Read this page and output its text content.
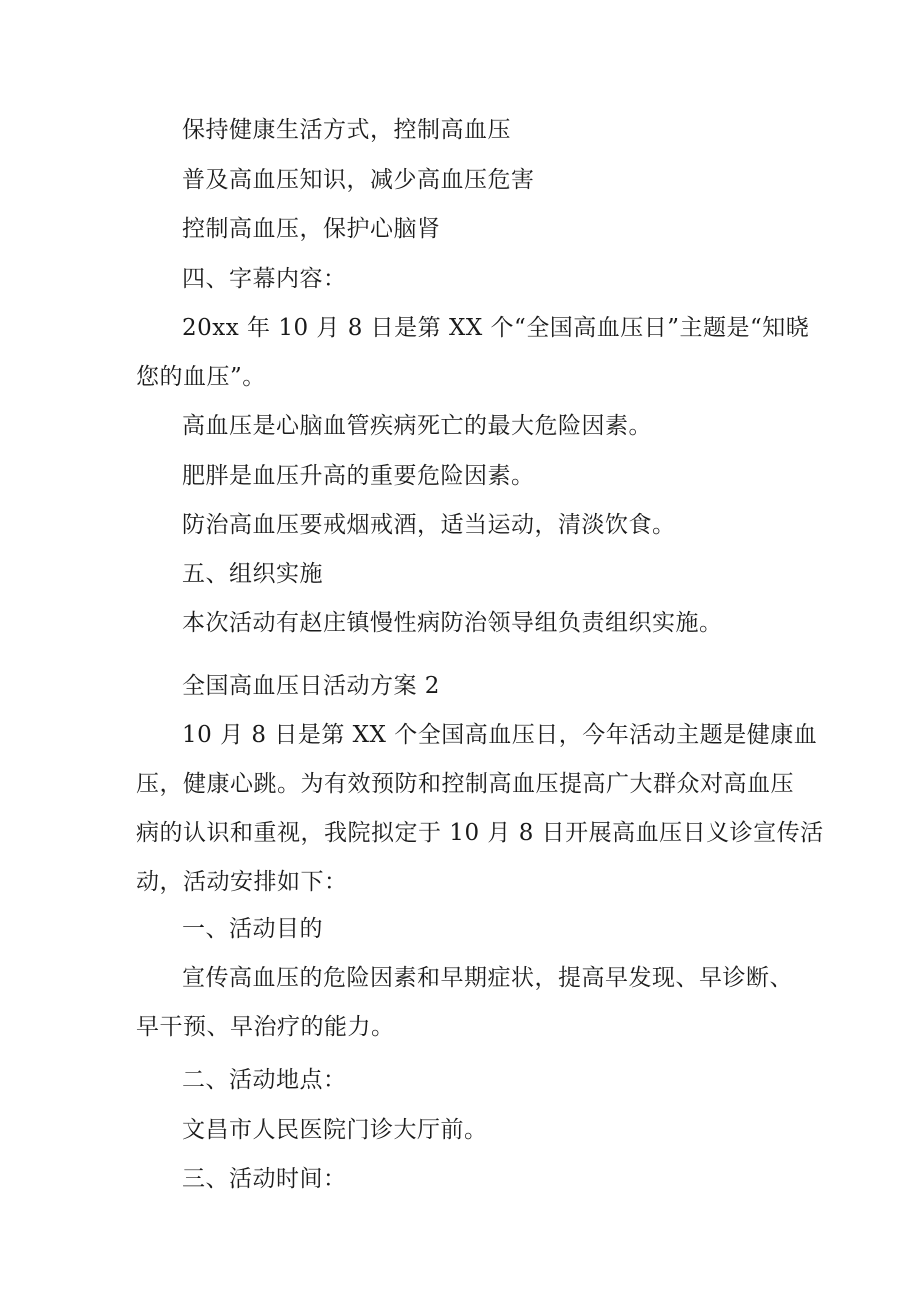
保持健康生活方式，控制高血压
普及高血压知识，减少高血压危害
控制高血压，保护心脑肾
四、字幕内容：
20xx 年 10 月 8 日是第 XX 个“全国高血压日”主题是“知晓
您的血压”。
高血压是心脑血管疾病死亡的最大危险因素。
肥胖是血压升高的重要危险因素。
防治高血压要戒烟戒酒，适当运动，清淡饮食。
五、组织实施
本次活动有赵庄镇慢性病防治领导组负责组织实施。
全国高血压日活动方案 2
10 月 8 日是第 XX 个全国高血压日，今年活动主题是健康血
压，健康心跳。为有效预防和控制高血压提高广大群众对高血压
病的认识和重视，我院拟定于 10 月 8 日开展高血压日义诊宣传活
动，活动安排如下：
一、活动目的
宣传高血压的危险因素和早期症状，提高早发现、早诊断、
早干预、早治疗的能力。
二、活动地点：
文昌市人民医院门诊大厅前。
三、活动时间：
